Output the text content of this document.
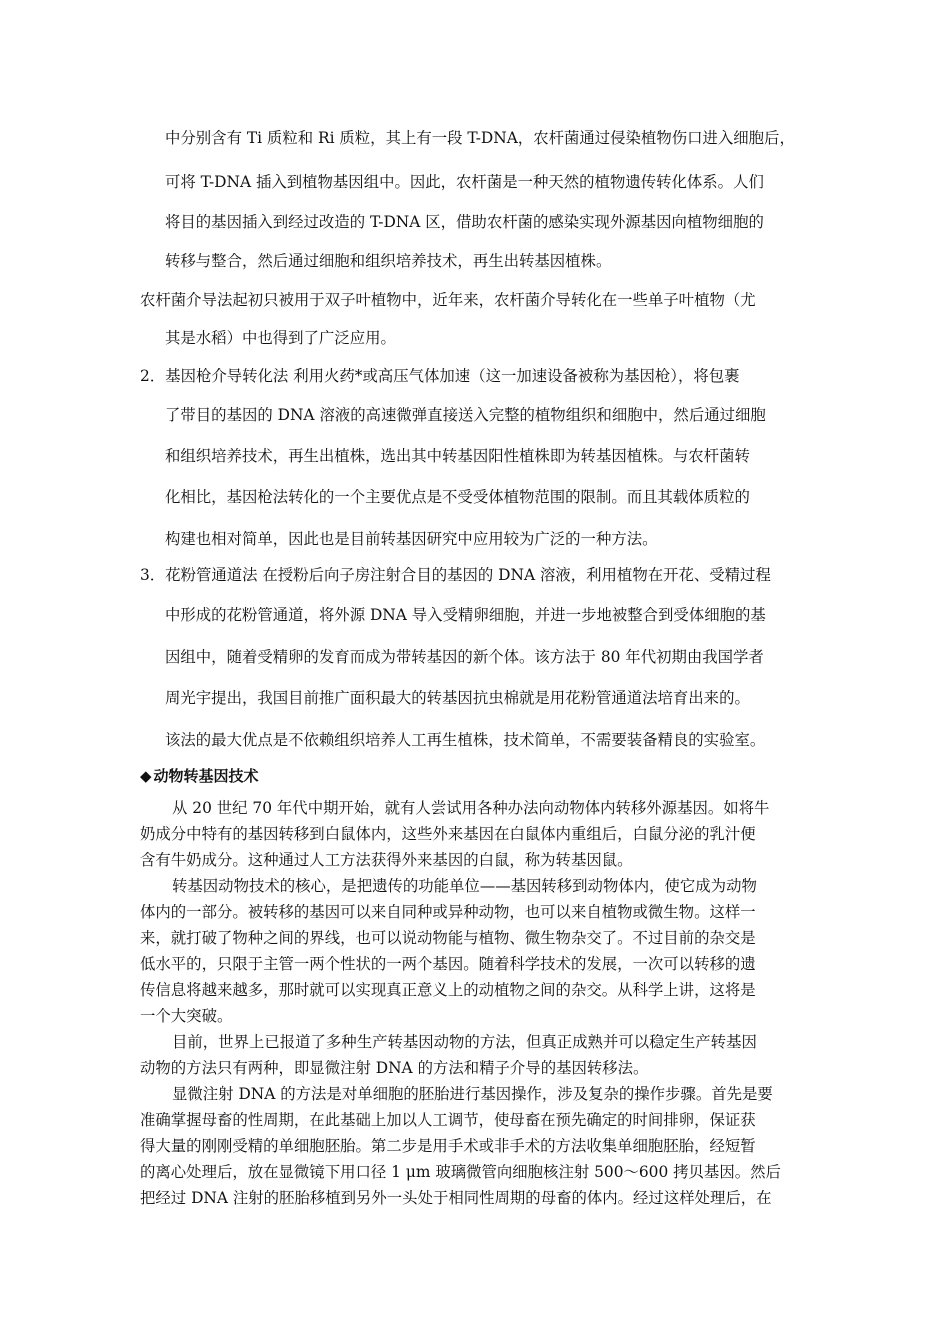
中分别含有 Ti 质粒和 Ri 质粒，其上有一段 T-DNA，农杆菌通过侵染植物伤口进入细胞后，
可将 T-DNA 插入到植物基因组中。因此，农杆菌是一种天然的植物遗传转化体系。人们
将目的基因插入到经过改造的 T-DNA 区，借助农杆菌的感染实现外源基因向植物细胞的
转移与整合，然后通过细胞和组织培养技术，再生出转基因植株。
农杆菌介导法起初只被用于双子叶植物中，近年来，农杆菌介导转化在一些单子叶植物（尤
其是水稻）中也得到了广泛应用。
2．基因枪介导转化法 利用火药*或高压气体加速（这一加速设备被称为基因枪），将包裹
了带目的基因的 DNA 溶液的高速微弹直接送入完整的植物组织和细胞中，然后通过细胞
和组织培养技术，再生出植株，选出其中转基因阳性植株即为转基因植株。与农杆菌转
化相比，基因枪法转化的一个主要优点是不受受体植物范围的限制。而且其载体质粒的
构建也相对简单，因此也是目前转基因研究中应用较为广泛的一种方法。
3．花粉管通道法 在授粉后向子房注射合目的基因的 DNA 溶液，利用植物在开花、受精过程
中形成的花粉管通道，将外源 DNA 导入受精卵细胞，并进一步地被整合到受体细胞的基
因组中，随着受精卵的发育而成为带转基因的新个体。该方法于 80 年代初期由我国学者
周光宇提出，我国目前推广面积最大的转基因抗虫棉就是用花粉管通道法培育出来的。
该法的最大优点是不依赖组织培养人工再生植株，技术简单，不需要装备精良的实验室。
◆ 动物转基因技术
从 20 世纪 70 年代中期开始，就有人尝试用各种办法向动物体内转移外源基因。如将牛
奶成分中特有的基因转移到白鼠体内，这些外来基因在白鼠体内重组后，白鼠分泌的乳汁便
含有牛奶成分。这种通过人工方法获得外来基因的白鼠，称为转基因鼠。
转基因动物技术的核心，是把遗传的功能单位——基因转移到动物体内，使它成为动物
体内的一部分。被转移的基因可以来自同种或异种动物，也可以来自植物或微生物。这样一
来，就打破了物种之间的界线，也可以说动物能与植物、微生物杂交了。不过目前的杂交是
低水平的，只限于主管一两个性状的一两个基因。随着科学技术的发展，一次可以转移的遗
传信息将越来越多，那时就可以实现真正意义上的动植物之间的杂交。从科学上讲，这将是
一个大突破。
目前，世界上已报道了多种生产转基因动物的方法，但真正成熟并可以稳定生产转基因
动物的方法只有两种，即显微注射 DNA 的方法和精子介导的基因转移法。
显微注射 DNA 的方法是对单细胞的胚胎进行基因操作，涉及复杂的操作步骤。首先是要
准确掌握母畜的性周期，在此基础上加以人工调节，使母畜在预先确定的时间排卵，保证获
得大量的刚刚受精的单细胞胚胎。第二步是用手术或非手术的方法收集单细胞胚胎，经短暂
的离心处理后，放在显微镜下用口径 1 μm 玻璃微管向细胞核注射 500～600 拷贝基因。然后
把经过 DNA 注射的胚胎移植到另外一头处于相同性周期的母畜的体内。经过这样处理后，在
